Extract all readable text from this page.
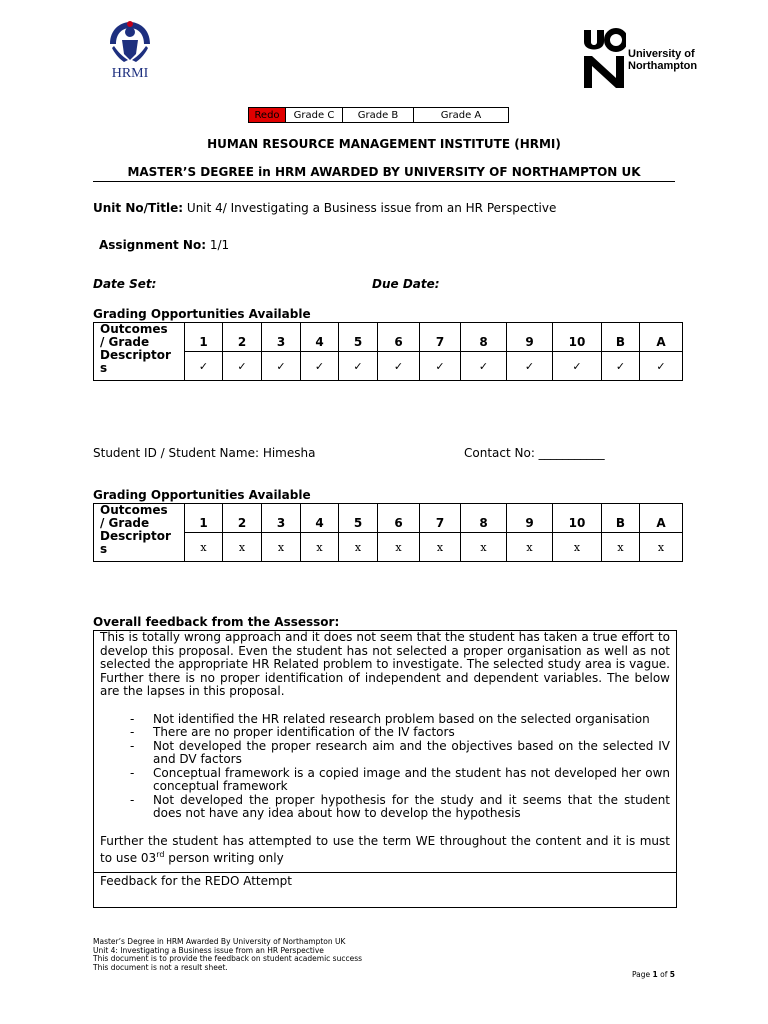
HRMI
University of
Northampton
Redo	Grade C	Grade B	Grade A
HUMAN RESOURCE MANAGEMENT INSTITUTE (HRMI)
MASTER’S DEGREE in HRM AWARDED BY UNIVERSITY OF NORTHAMPTON UK
Unit No/Title: Unit 4/ Investigating a Business issue from an HR Perspective
Assignment No: 1/1
Date Set:	Due Date:
Grading Opportunities Available
Outcomes
/ Grade
Descriptor
s	1	2	3	4	5	6	7	8	9	10	B	A
	✓	✓	✓	✓	✓	✓	✓	✓	✓	✓	✓	✓
Student ID / Student Name: Himesha	Contact No: ___________
Grading Opportunities Available
Outcomes
/ Grade
Descriptor
s	1	2	3	4	5	6	7	8	9	10	B	A
	x	x	x	x	x	x	x	x	x	x	x	x
Overall feedback from the Assessor:

This is totally wrong approach and it does not seem that the student has taken a true effort to develop this proposal. Even the student has not selected a proper organisation as well as not selected the appropriate HR Related problem to investigate. The selected study area is vague. Further there is no proper identification of independent and dependent variables. The below are the lapses in this proposal.

- Not identified the HR related research problem based on the selected organisation
- There are no proper identification of the IV factors
- Not developed the proper research aim and the objectives based on the selected IV and DV factors
- Conceptual framework is a copied image and the student has not developed her own conceptual framework
- Not developed the proper hypothesis for the study and it seems that the student does not have any idea about how to develop the hypothesis

Further the student has attempted to use the term WE throughout the content and it is must to use 03rd person writing only

Feedback for the REDO Attempt
Master’s Degree in HRM Awarded By University of Northampton UK
Unit 4: Investigating a Business issue from an HR Perspective
This document is to provide the feedback on student academic success
This document is not a result sheet.
Page 1 of 5
